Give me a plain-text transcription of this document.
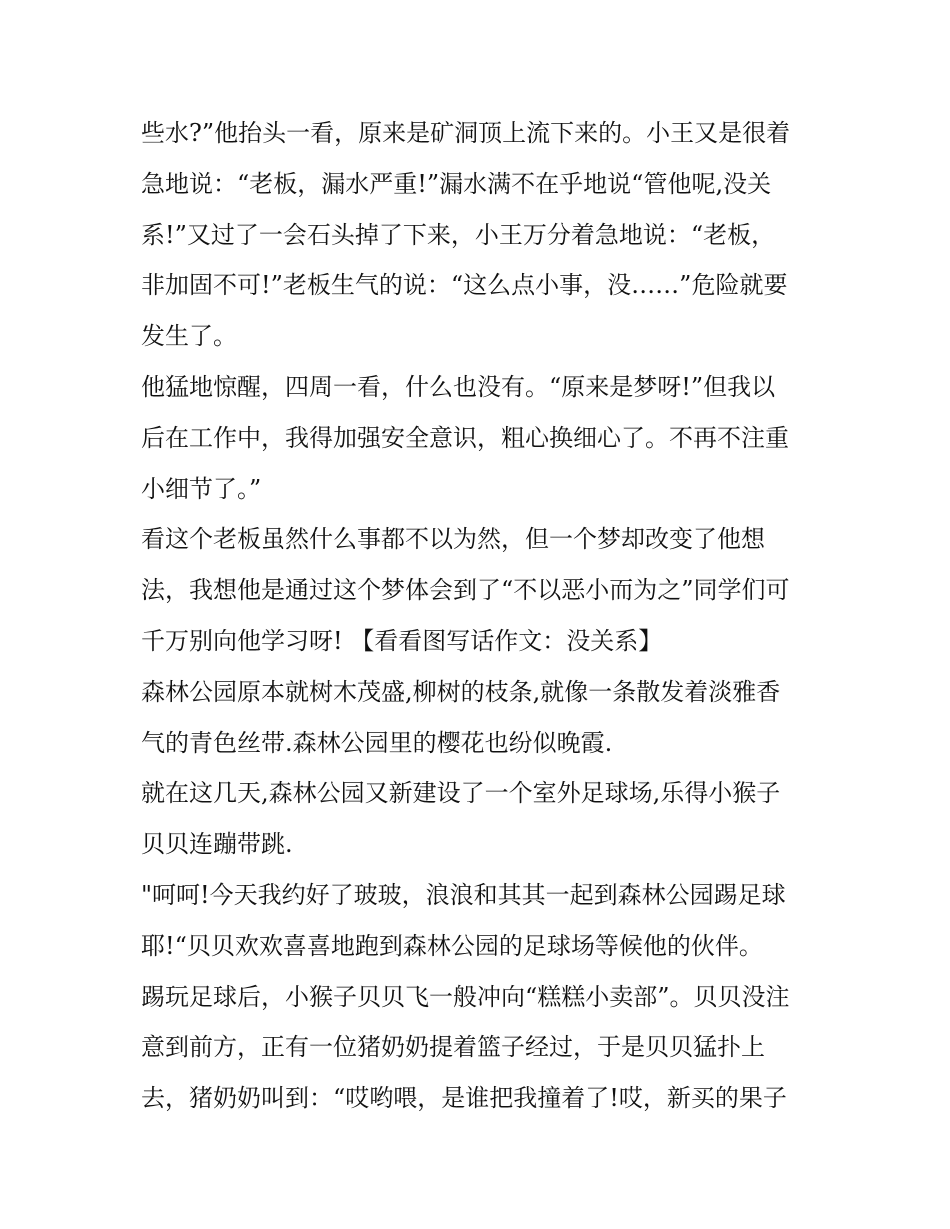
些水?”他抬头一看，原来是矿洞顶上流下来的。小王又是很着
急地说：“老板，漏水严重!”漏水满不在乎地说“管他呢,没关
系!”又过了一会石头掉了下来，小王万分着急地说：“老板，
非加固不可!”老板生气的说：“这么点小事，没……”危险就要
发生了。
他猛地惊醒，四周一看，什么也没有。“原来是梦呀!”但我以
后在工作中，我得加强安全意识，粗心换细心了。不再不注重
小细节了。”
看这个老板虽然什么事都不以为然，但一个梦却改变了他想
法，我想他是通过这个梦体会到了“不以恶小而为之”同学们可
千万别向他学习呀! 【看看图写话作文：没关系】
森林公园原本就树木茂盛,柳树的枝条,就像一条散发着淡雅香
气的青色丝带.森林公园里的樱花也纷似晚霞.
就在这几天,森林公园又新建设了一个室外足球场,乐得小猴子
贝贝连蹦带跳.
"呵呵!今天我约好了玻玻，浪浪和其其一起到森林公园踢足球
耶!“贝贝欢欢喜喜地跑到森林公园的足球场等候他的伙伴。
踢玩足球后，小猴子贝贝飞一般冲向“糕糕小卖部”。贝贝没注
意到前方，正有一位猪奶奶提着篮子经过，于是贝贝猛扑上
去，猪奶奶叫到：“哎哟喂，是谁把我撞着了!哎，新买的果子
